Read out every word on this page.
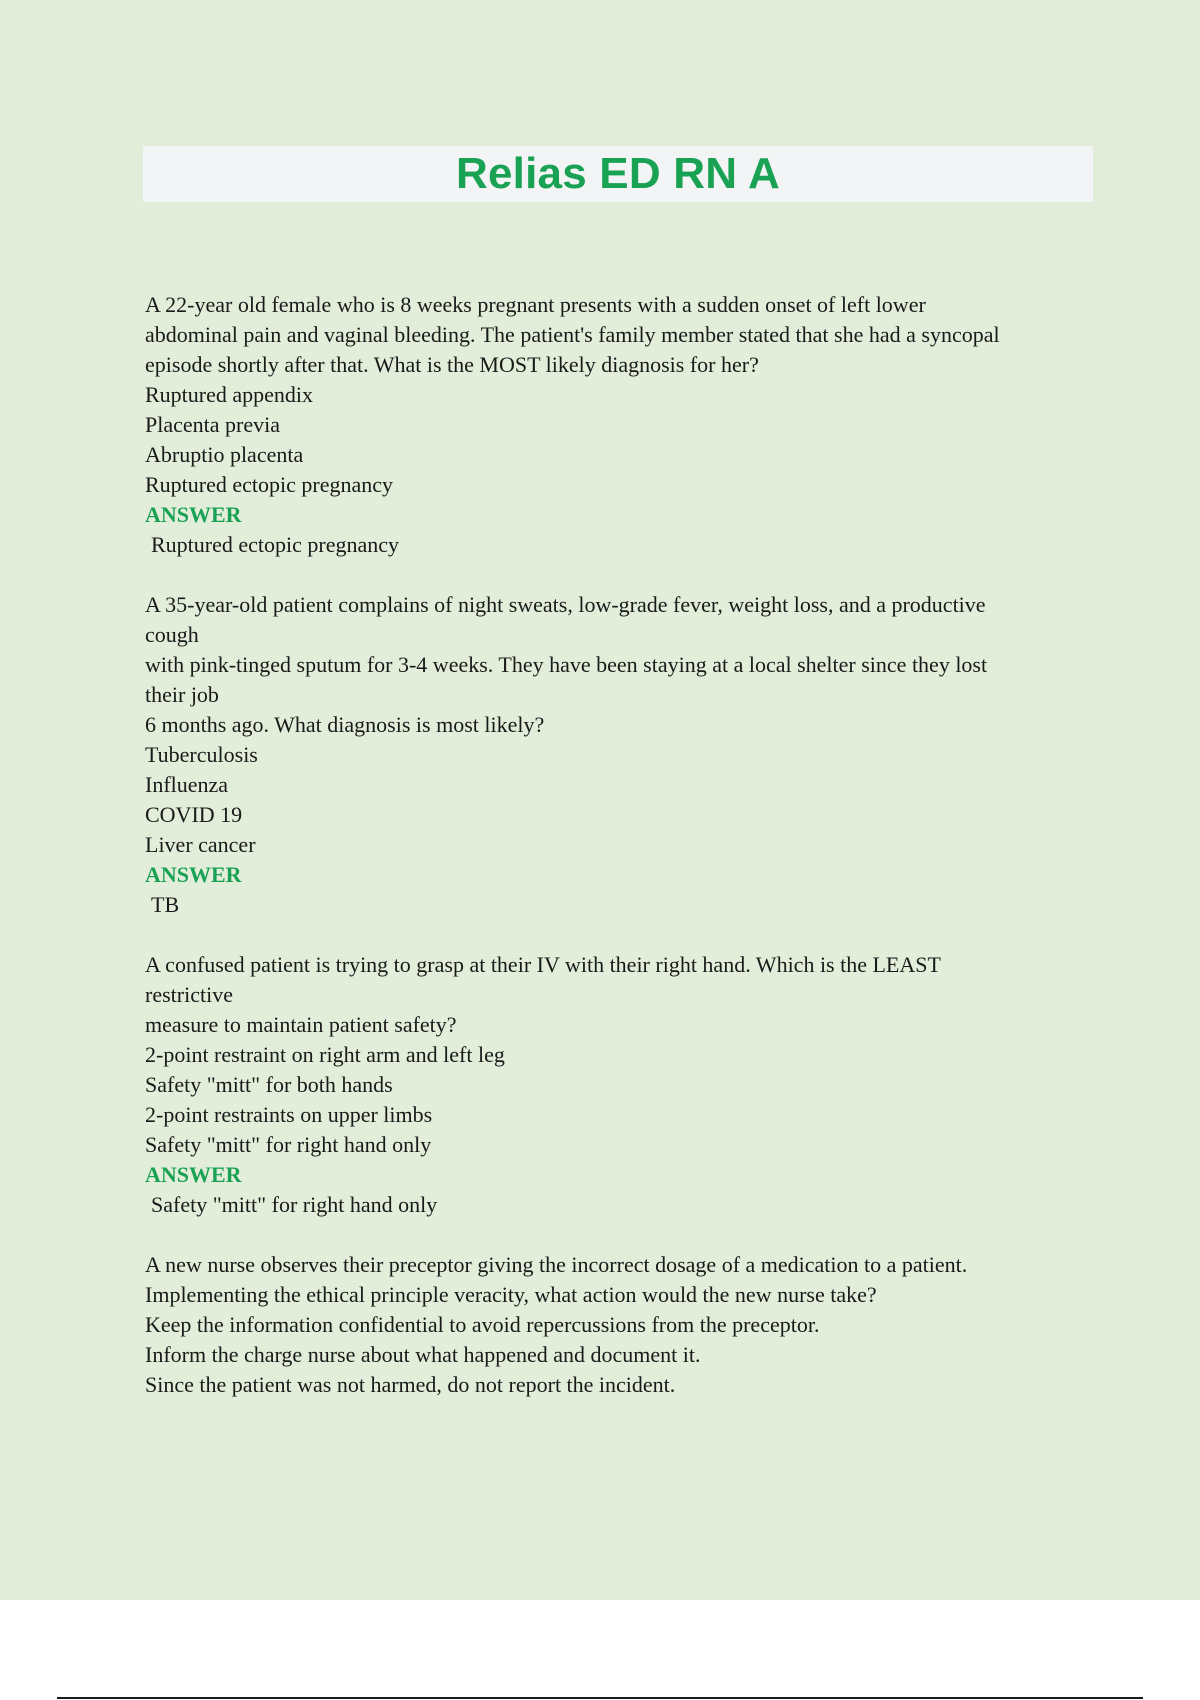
Relias ED RN A
A 22-year old female who is 8 weeks pregnant presents with a sudden onset of left lower
abdominal pain and vaginal bleeding. The patient's family member stated that she had a syncopal
episode shortly after that. What is the MOST likely diagnosis for her?
Ruptured appendix
Placenta previa
Abruptio placenta
Ruptured ectopic pregnancy
ANSWER
Ruptured ectopic pregnancy
A 35-year-old patient complains of night sweats, low-grade fever, weight loss, and a productive
cough
with pink-tinged sputum for 3-4 weeks. They have been staying at a local shelter since they lost
their job
6 months ago. What diagnosis is most likely?
Tuberculosis
Influenza
COVID 19
Liver cancer
ANSWER
TB
A confused patient is trying to grasp at their IV with their right hand. Which is the LEAST
restrictive
measure to maintain patient safety?
2-point restraint on right arm and left leg
Safety "mitt" for both hands
2-point restraints on upper limbs
Safety "mitt" for right hand only
ANSWER
Safety "mitt" for right hand only
A new nurse observes their preceptor giving the incorrect dosage of a medication to a patient.
Implementing the ethical principle veracity, what action would the new nurse take?
Keep the information confidential to avoid repercussions from the preceptor.
Inform the charge nurse about what happened and document it.
Since the patient was not harmed, do not report the incident.
